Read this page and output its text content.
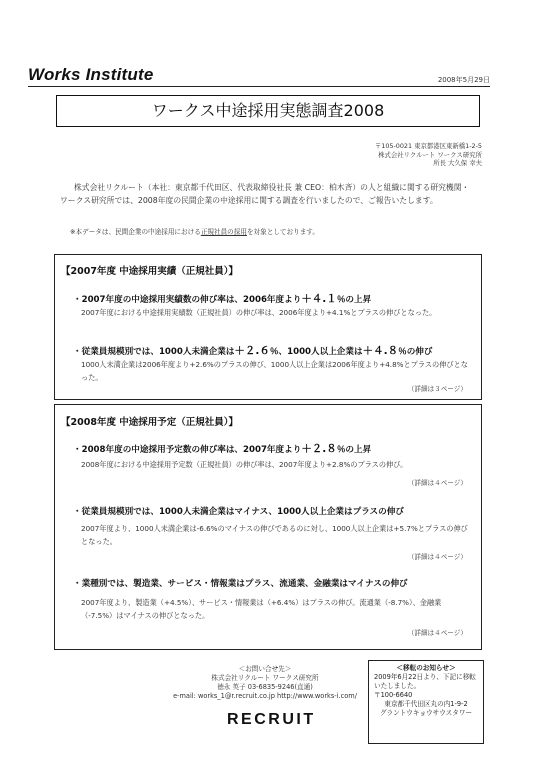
Works Institute	2008年5月29日
ワークス中途採用実態調査2008
〒105-0021 東京都港区東新橋1-2-5
株式会社リクルート ワークス研究所
所長 大久保 幸夫

株式会社リクルート（本社：東京都千代田区、代表取締役社長 兼 CEO：柏木斉）の人と組織に関する研究機関・ワークス研究所では、2008年度の民間企業の中途採用に関する調査を行いましたので、ご報告いたします。

※本データは、民間企業の中途採用における正規社員の採用を対象としております。
【2007年度 中途採用実績（正規社員）】
・2007年度の中途採用実績数の伸び率は、2006年度より＋４.１％の上昇
2007年度における中途採用実績数（正規社員）の伸び率は、2006年度より+4.1%とプラスの伸びとなった。
・従業員規模別では、1000人未満企業は＋２.６％、1000人以上企業は＋４.８％の伸び
1000人未満企業は2006年度より+2.6%のプラスの伸び、1000人以上企業は2006年度より+4.8%とプラスの伸びとなった。
（詳細は３ページ）
【2008年度 中途採用予定（正規社員）】
・2008年度の中途採用予定数の伸び率は、2007年度より＋２.８％の上昇
2008年度における中途採用予定数（正規社員）の伸び率は、2007年度より+2.8%のプラスの伸び。
（詳細は４ページ）
・従業員規模別では、1000人未満企業はマイナス、1000人以上企業はプラスの伸び
2007年度より、1000人未満企業は-6.6%のマイナスの伸びであるのに対し、1000人以上企業は+5.7%とプラスの伸びとなった。
（詳細は４ページ）
・業種別では、製造業、サービス・情報業はプラス、流通業、金融業はマイナスの伸び
2007年度より、製造業（+4.5%）、サービス・情報業は（+6.4%）はプラスの伸び。流通業（-8.7%）、金融業（-7.5%）はマイナスの伸びとなった。
（詳細は４ページ）
＜お問い合せ先＞
株式会社リクルート ワークス研究所
徳永 英子 03-6835-9246(直通)
e-mail: works_1@r.recruit.co.jp http://www.works-i.com/
RECRUIT
＜移転のお知らせ＞
2009年6月22日より、下記に移転いたしました。
〒100-6640
東京都千代田区丸の内1-9-2
グラントウキョウサウスタワー
